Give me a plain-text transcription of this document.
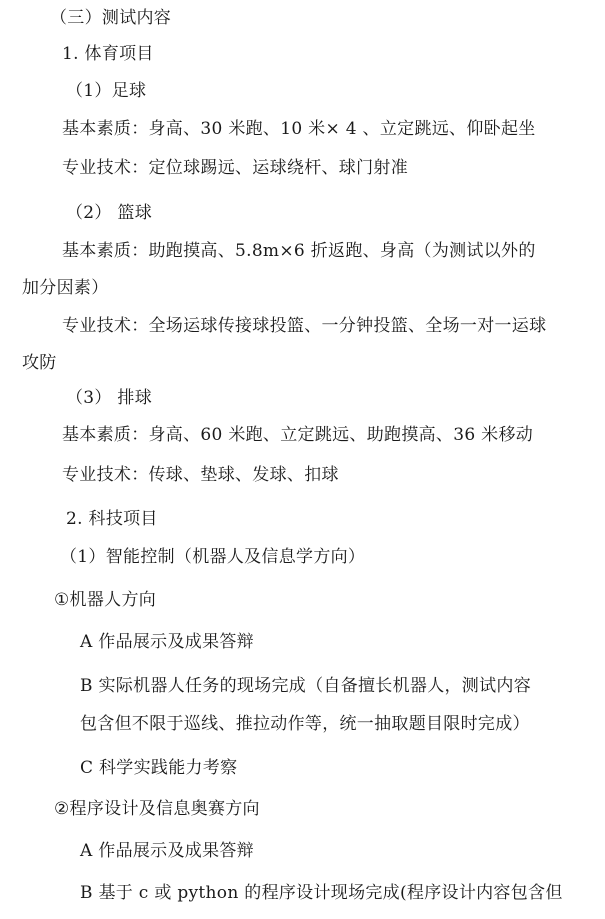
（三）测试内容
1. 体育项目
（1）足球
基本素质：身高、30 米跑、10 米× 4 、立定跳远、仰卧起坐
专业技术：定位球踢远、运球绕杆、球门射准
（2） 篮球
基本素质：助跑摸高、5.8m×6 折返跑、身高（为测试以外的
加分因素）
专业技术：全场运球传接球投篮、一分钟投篮、全场一对一运球
攻防
（3） 排球
基本素质：身高、60 米跑、立定跳远、助跑摸高、36 米移动
专业技术：传球、垫球、发球、扣球
2. 科技项目
（1）智能控制（机器人及信息学方向）
①机器人方向
A 作品展示及成果答辩
B 实际机器人任务的现场完成（自备擅长机器人，测试内容
包含但不限于巡线、推拉动作等，统一抽取题目限时完成）
C 科学实践能力考察
②程序设计及信息奥赛方向
A 作品展示及成果答辩
B 基于 c 或 python 的程序设计现场完成(程序设计内容包含但
